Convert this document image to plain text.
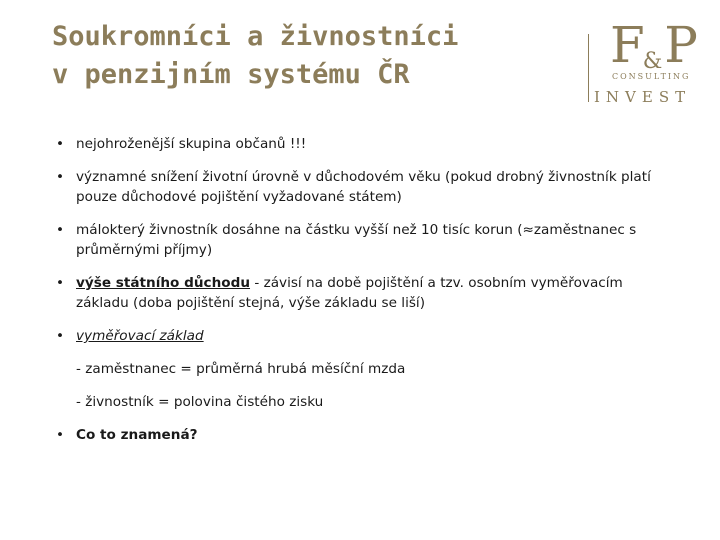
Soukromníci a živnostníci
v penzijním systému ČR
F&P
CONSULTING
INVEST
• nejohroženější skupina občanů !!!
• významné snížení životní úrovně v důchodovém věku (pokud drobný živnostník platí pouze důchodové pojištění vyžadované státem)
• málokterý živnostník dosáhne na částku vyšší než 10 tisíc korun (≈zaměstnanec s průměrnými příjmy)
• výše státního důchodu - závisí na době pojištění a tzv. osobním vyměřovacím základu (doba pojištění stejná, výše základu se liší)
• vyměřovací základ
- zaměstnanec = průměrná hrubá měsíční mzda
- živnostník = polovina čistého zisku
• Co to znamená?
